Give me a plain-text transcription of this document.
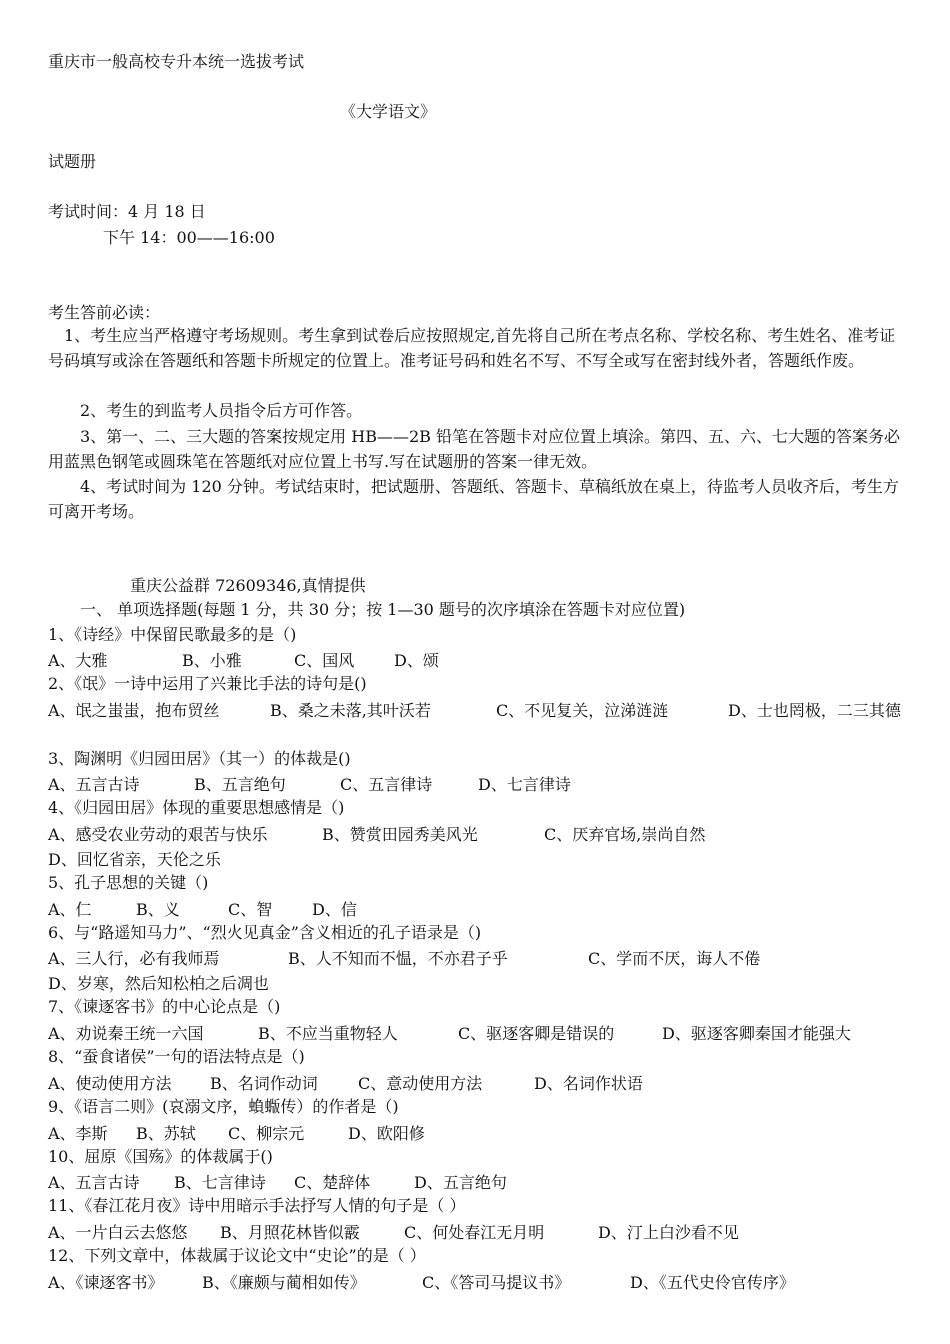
重庆市一般高校专升本统一选拔考试
《大学语文》
试题册
考试时间：4 月 18 日
下午 14：00——16:00
考生答前必读：
1、考生应当严格遵守考场规则。考生拿到试卷后应按照规定,首先将自己所在考点名称、学校名称、考生姓名、准考证号码填写或涂在答题纸和答题卡所规定的位置上。准考证号码和姓名不写、不写全或写在密封线外者，答题纸作废。
2、考生的到监考人员指令后方可作答。
3、第一、二、三大题的答案按规定用 HB——2B 铅笔在答题卡对应位置上填涂。第四、五、六、七大题的答案务必用蓝黑色钢笔或圆珠笔在答题纸对应位置上书写.写在试题册的答案一律无效。
4、考试时间为 120 分钟。考试结束时，把试题册、答题纸、答题卡、草稿纸放在桌上，待监考人员收齐后，考生方可离开考场。
重庆公益群 72609346,真情提供
一、 单项选择题(每题 1 分，共 30 分；按 1—30 题号的次序填涂在答题卡对应位置)
1、《诗经》中保留民歌最多的是（)
A、大雅	B、小雅	C、国风 D、颂
2、《氓》一诗中运用了兴兼比手法的诗句是()
A、氓之蚩蚩，抱布贸丝	B、桑之未落,其叶沃若	C、不见复关，泣涕涟涟	D、士也罔极，二三其德
3、陶渊明《归园田居》（其一）的体裁是()
A、五言古诗	B、五言绝句	C、五言律诗	D、七言律诗
4、《归园田居》体现的重要思想感情是（)
A、感受农业劳动的艰苦与快乐	B、赞赏田园秀美风光	C、厌弃官场,崇尚自然D、回忆省亲，天伦之乐
5、孔子思想的关键（)
A、仁	B、义	C、智 D、信
6、与“路遥知马力”、“烈火见真金”含义相近的孔子语录是（)
A、三人行，必有我师焉	B、人不知而不愠，不亦君子乎	C、学而不厌，诲人不倦D、岁寒，然后知松柏之后凋也
7、《谏逐客书》的中心论点是（)
A、劝说秦王统一六国	B、不应当重物轻人	C、驱逐客卿是错误的	D、驱逐客卿秦国才能强大
8、“蚕食诸侯”一句的语法特点是（)
A、使动使用方法 B、名词作动词	C、意动使用方法	D、名词作状语
9、《语言二则》(哀溺文序，蝜蝂传）的作者是（)
A、李斯 B、苏轼 C、柳宗元	D、欧阳修
10、屈原《国殇》的体裁属于()
A、五言古诗 B、七言律诗 C、楚辞体	D、五言绝句
11、《春江花月夜》诗中用暗示手法抒写人情的句子是（ ）
A、一片白云去悠悠 B、月照花林皆似霰	C、何处春江无月明	D、汀上白沙看不见
12、下列文章中，体裁属于议论文中“史论”的是（ ）
A、《谏逐客书》 B、《廉颇与蔺相如传》	C、《答司马提议书》	D、《五代史伶官传序》
